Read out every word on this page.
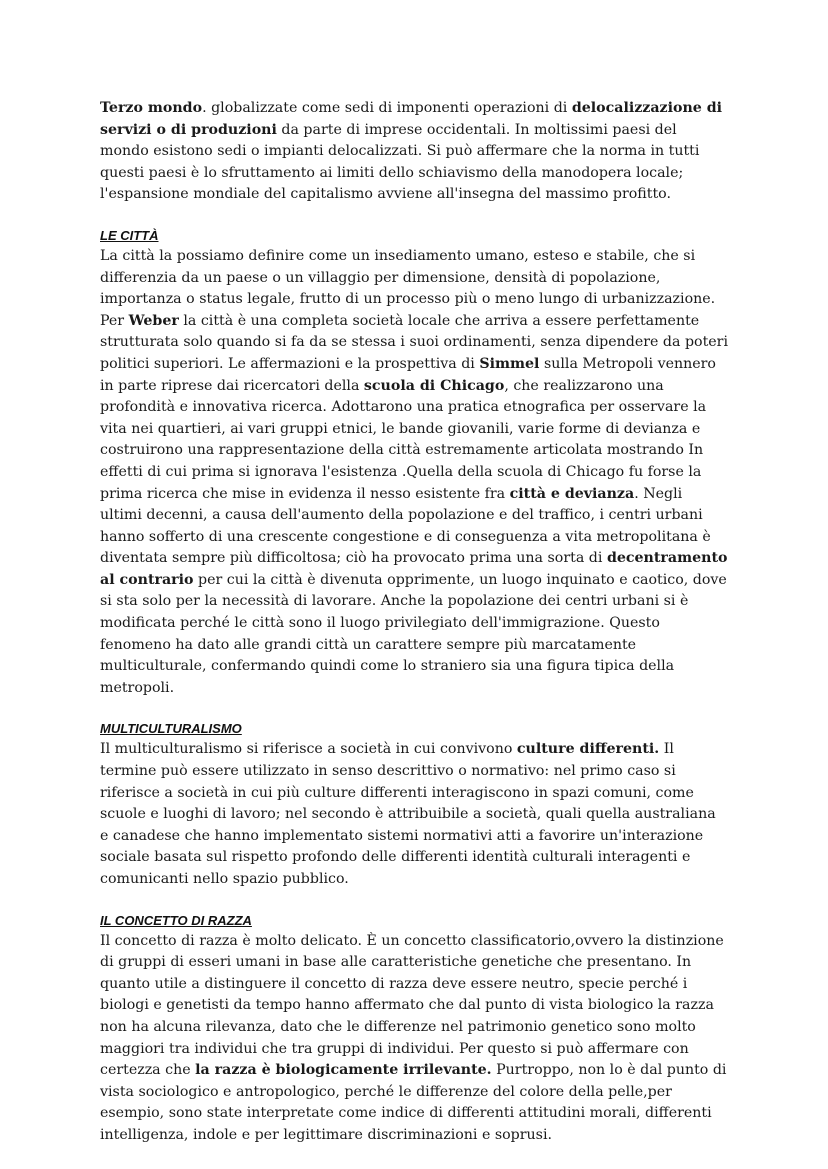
Terzo mondo. globalizzate come sedi di imponenti operazioni di delocalizzazione di servizi o di produzioni da parte di imprese occidentali. In moltissimi paesi del mondo esistono sedi o impianti delocalizzati. Si può affermare che la norma in tutti questi paesi è lo sfruttamento ai limiti dello schiavismo della manodopera locale; l'espansione mondiale del capitalismo avviene all'insegna del massimo profitto.

LE CITTÀ

La città la possiamo definire come un insediamento umano, esteso e stabile, che si differenzia da un paese o un villaggio per dimensione, densità di popolazione, importanza o status legale, frutto di un processo più o meno lungo di urbanizzazione. Per Weber la città è una completa società locale che arriva a essere perfettamente strutturata solo quando si fa da se stessa i suoi ordinamenti, senza dipendere da poteri politici superiori. Le affermazioni e la prospettiva di Simmel sulla Metropoli vennero in parte riprese dai ricercatori della scuola di Chicago, che realizzarono una profondità e innovativa ricerca. Adottarono una pratica etnografica per osservare la vita nei quartieri, ai vari gruppi etnici, le bande giovanili, varie forme di devianza e costruirono una rappresentazione della città estremamente articolata mostrando In effetti di cui prima si ignorava l'esistenza .Quella della scuola di Chicago fu forse la prima ricerca che mise in evidenza il nesso esistente fra città e devianza. Negli ultimi decenni, a causa dell'aumento della popolazione e del traffico, i centri urbani hanno sofferto di una crescente congestione e di conseguenza a vita metropolitana è diventata sempre più difficoltosa; ciò ha provocato prima una sorta di decentramento al contrario per cui la città è divenuta opprimente, un luogo inquinato e caotico, dove si sta solo per la necessità di lavorare. Anche la popolazione dei centri urbani si è modificata perché le città sono il luogo privilegiato dell'immigrazione. Questo fenomeno ha dato alle grandi città un carattere sempre più marcatamente multiculturale, confermando quindi come lo straniero sia una figura tipica della metropoli.

MULTICULTURALISMO

Il multiculturalismo si riferisce a società in cui convivono culture differenti. Il termine può essere utilizzato in senso descrittivo o normativo: nel primo caso si riferisce a società in cui più culture differenti interagiscono in spazi comuni, come scuole e luoghi di lavoro; nel secondo è attribuibile a società, quali quella australiana e canadese che hanno implementato sistemi normativi atti a favorire un'interazione sociale basata sul rispetto profondo delle differenti identità culturali interagenti e comunicanti nello spazio pubblico.

IL CONCETTO DI RAZZA

Il concetto di razza è molto delicato. È un concetto classificatorio,ovvero la distinzione di gruppi di esseri umani in base alle caratteristiche genetiche che presentano. In quanto utile a distinguere il concetto di razza deve essere neutro, specie perché i biologi e genetisti da tempo hanno affermato che dal punto di vista biologico la razza non ha alcuna rilevanza, dato che le differenze nel patrimonio genetico sono molto maggiori tra individui che tra gruppi di individui. Per questo si può affermare con certezza che la razza è biologicamente irrilevante. Purtroppo, non lo è dal punto di vista sociologico e antropologico, perché le differenze del colore della pelle,per esempio, sono state interpretate come indice di differenti attitudini morali, differenti intelligenza, indole e per legittimare discriminazioni e soprusi.
